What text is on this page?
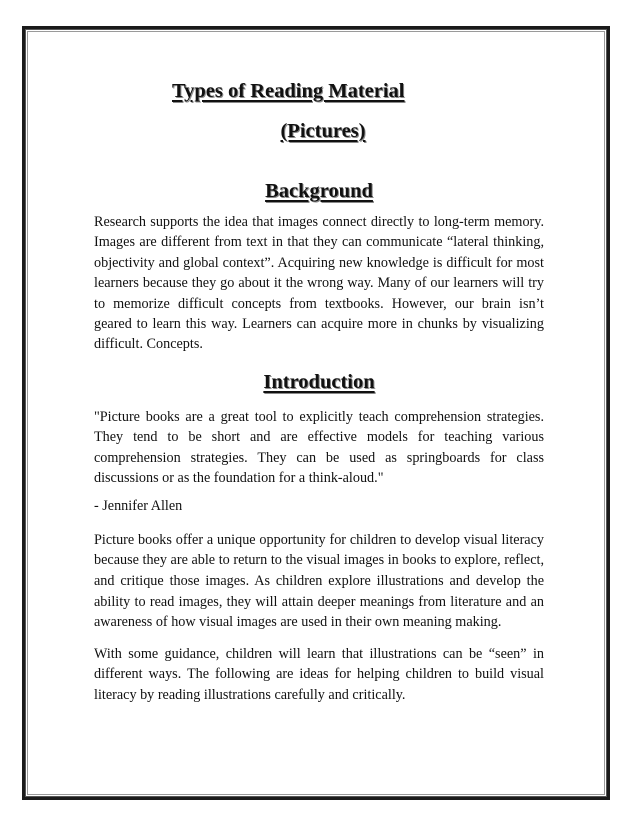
Types of Reading Material
(Pictures)
Background

Research supports the idea that images connect directly to long-term memory. Images are different from text in that they can communicate “lateral thinking, objectivity and global context”. Acquiring new knowledge is difficult for most learners because they go about it the wrong way. Many of our learners will try to memorize difficult concepts from textbooks. However, our brain isn’t geared to learn this way. Learners can acquire more in chunks by visualizing difficult. Concepts.

Introduction

"Picture books are a great tool to explicitly teach comprehension strategies. They tend to be short and are effective models for teaching various comprehension strategies. They can be used as springboards for class discussions or as the foundation for a think-aloud."

- Jennifer Allen

Picture books offer a unique opportunity for children to develop visual literacy because they are able to return to the visual images in books to explore, reflect, and critique those images. As children explore illustrations and develop the ability to read images, they will attain deeper meanings from literature and an awareness of how visual images are used in their own meaning making.

With some guidance, children will learn that illustrations can be “seen” in different ways. The following are ideas for helping children to build visual literacy by reading illustrations carefully and critically.
